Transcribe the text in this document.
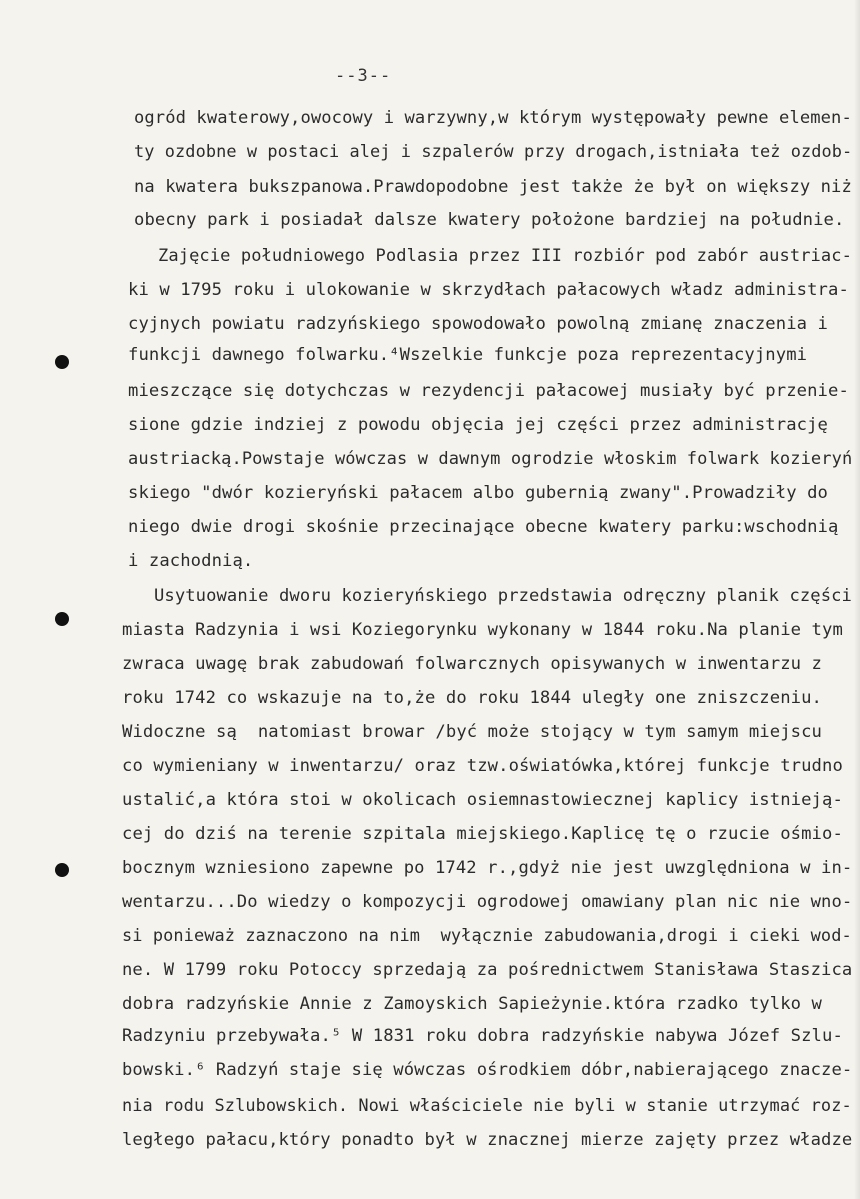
--3--
ogród kwaterowy,owocowy i warzywny,w którym występowały pewne elemen-
ty ozdobne w postaci alej i szpalerów przy drogach,istniała też ozdob-
na kwatera bukszpanowa.Prawdopodobne jest także że był on większy niż
obecny park i posiadał dalsze kwatery położone bardziej na południe.
Zajęcie południowego Podlasia przez III rozbiór pod zabór austriac-
ki w 1795 roku i ulokowanie w skrzydłach pałacowych władz administra-
cyjnych powiatu radzyńskiego spowodowało powolną zmianę znaczenia i
funkcji dawnego folwarku.⁴Wszelkie funkcje poza reprezentacyjnymi
mieszczące się dotychczas w rezydencji pałacowej musiały być przenie-
sione gdzie indziej z powodu objęcia jej części przez administrację
austriacką.Powstaje wówczas w dawnym ogrodzie włoskim folwark kozieryń
skiego "dwór kozieryński pałacem albo gubernią zwany".Prowadziły do
niego dwie drogi skośnie przecinające obecne kwatery parku:wschodnią
i zachodnią.
Usytuowanie dworu kozieryńskiego przedstawia odręczny planik części
miasta Radzynia i wsi Koziegorynku wykonany w 1844 roku.Na planie tym
zwraca uwagę brak zabudowań folwarcznych opisywanych w inwentarzu z
roku 1742 co wskazuje na to,że do roku 1844 uległy one zniszczeniu.
Widoczne są  natomiast browar /być może stojący w tym samym miejscu
co wymieniany w inwentarzu/ oraz tzw.oświatówka,której funkcje trudno
ustalić,a która stoi w okolicach osiemnastowiecznej kaplicy istnieją-
cej do dziś na terenie szpitala miejskiego.Kaplicę tę o rzucie ośmio-
bocznym wzniesiono zapewne po 1742 r.,gdyż nie jest uwzględniona w in-
wentarzu...Do wiedzy o kompozycji ogrodowej omawiany plan nic nie wno-
si ponieważ zaznaczono na nim  wyłącznie zabudowania,drogi i cieki wod-
ne. W 1799 roku Potoccy sprzedają za pośrednictwem Stanisława Staszica
dobra radzyńskie Annie z Zamoyskich Sapieżynie.która rzadko tylko w
Radzyniu przebywała.⁵ W 1831 roku dobra radzyńskie nabywa Józef Szlu-
bowski.⁶ Radzyń staje się wówczas ośrodkiem dóbr,nabierającego znacze-
nia rodu Szlubowskich. Nowi właściciele nie byli w stanie utrzymać roz-
ległego pałacu,który ponadto był w znacznej mierze zajęty przez władze
